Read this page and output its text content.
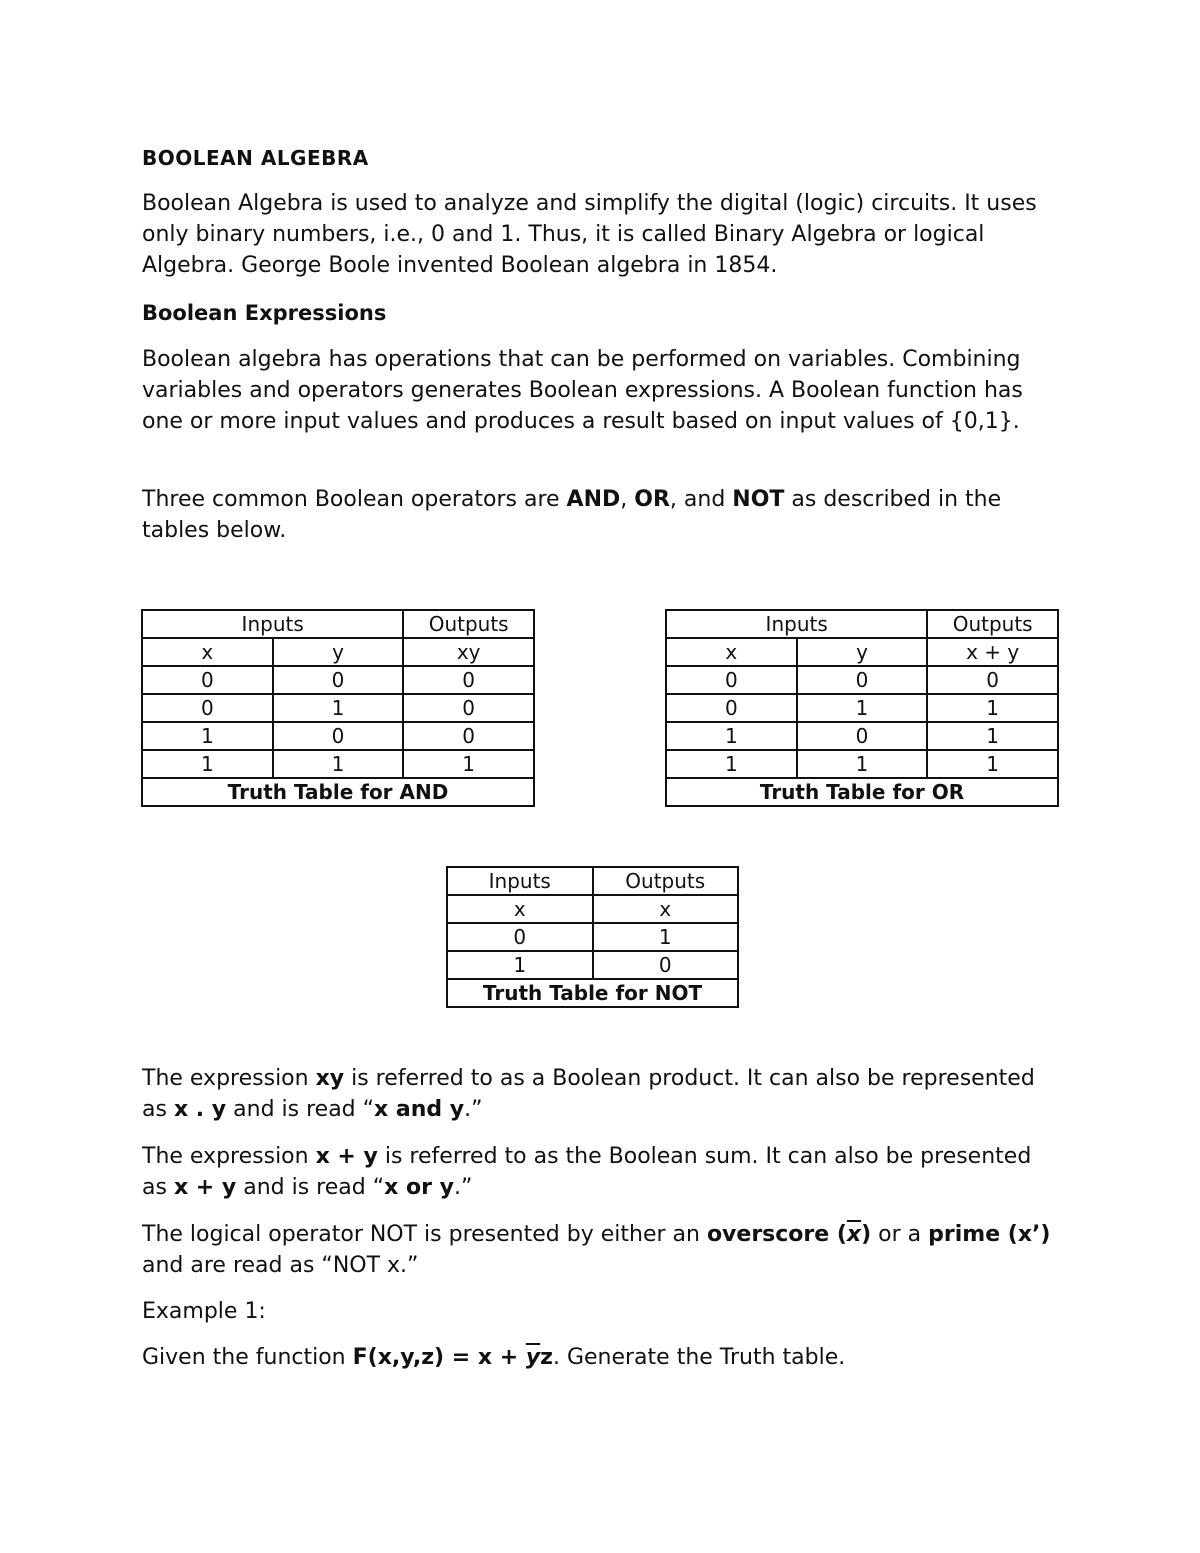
BOOLEAN ALGEBRA

Boolean Algebra is used to analyze and simplify the digital (logic) circuits. It uses only binary numbers, i.e., 0 and 1. Thus, it is called Binary Algebra or logical Algebra. George Boole invented Boolean algebra in 1854.

Boolean Expressions

Boolean algebra has operations that can be performed on variables. Combining variables and operators generates Boolean expressions. A Boolean function has one or more input values and produces a result based on input values of {0,1}.

Three common Boolean operators are AND, OR, and NOT as described in the tables below.

Inputs		Outputs
x	y	xy
0	0	0
0	1	0
1	0	0
1	1	1
Truth Table for AND		
Inputs		Outputs
x	y	x + y
0	0	0
0	1	1
1	0	1
1	1	1
Truth Table for OR		
Inputs	Outputs
x	x
0	1
1	0
Truth Table for NOT	

The expression xy is referred to as a Boolean product. It can also be represented as x . y and is read “x and y.”

The expression x + y is referred to as the Boolean sum. It can also be presented as x + y and is read “x or y.”

The logical operator NOT is presented by either an overscore $(\overline{x})$ or a prime (x’) and are read as “NOT x.”

Example 1:

Given the function $F(x,y,z) = x + \overline{y}z$. Generate the Truth table.
